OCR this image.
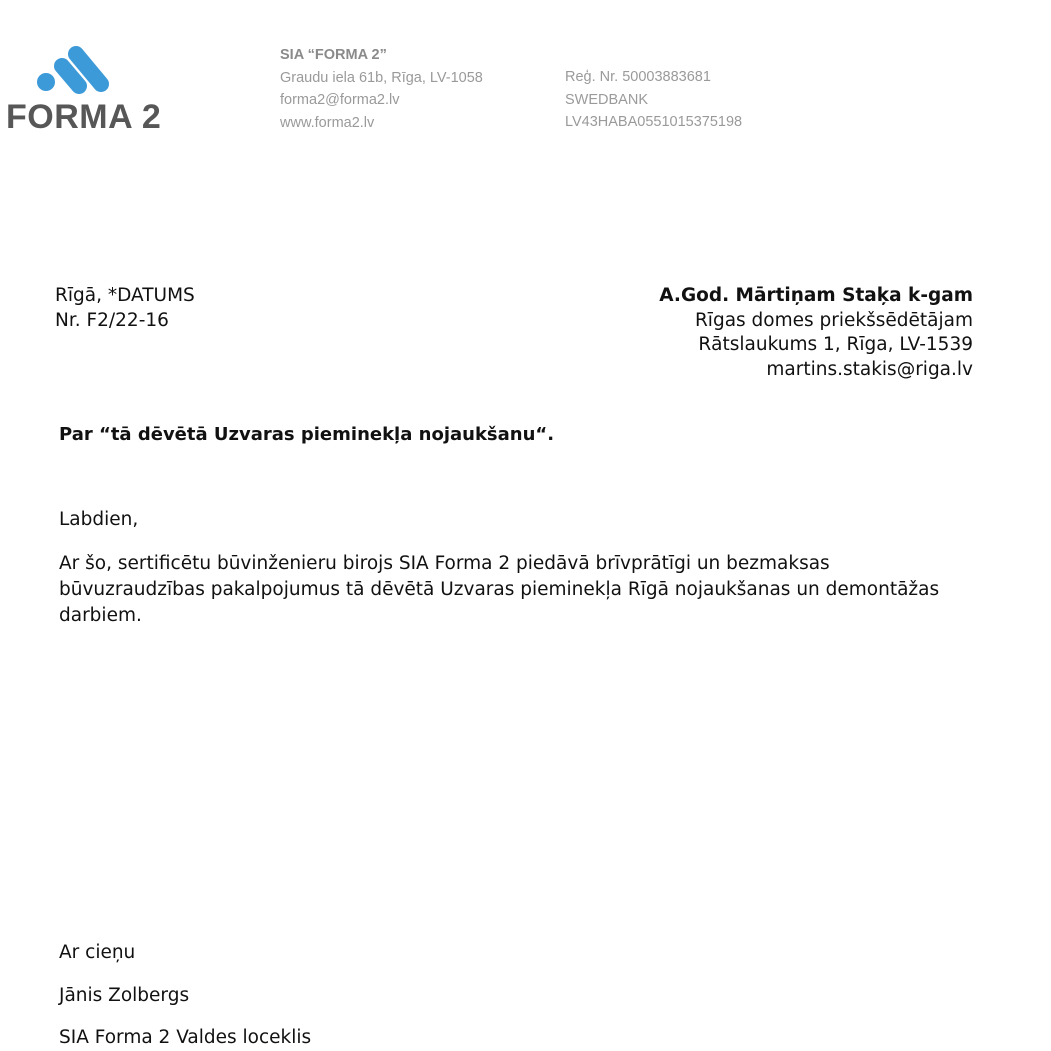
FORMA 2
SIA “FORMA 2”
Graudu iela 61b, Rīga, LV-1058
forma2@forma2.lv
www.forma2.lv
Reģ. Nr. 50003883681
SWEDBANK
LV43HABA0551015375198
Rīgā, *DATUMS
Nr. F2/22-16
A.God. Mārtiņam Staķa k-gam
Rīgas domes priekšsēdētājam
Rātslaukums 1, Rīga, LV-1539
martins.stakis@riga.lv
Par “tā dēvētā Uzvaras pieminekļa nojaukšanu“.
Labdien,

Ar šo, sertificētu būvinženieru birojs SIA Forma 2 piedāvā brīvprātīgi un bezmaksas būvuzraudzības pakalpojumus tā dēvētā Uzvaras pieminekļa Rīgā nojaukšanas un demontāžas darbiem.

Ar cieņu
Jānis Zolbergs
SIA Forma 2 Valdes loceklis
